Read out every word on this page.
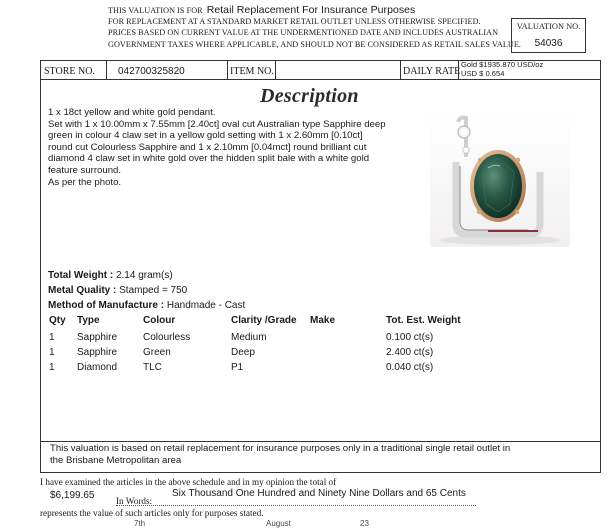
THIS VALUATION IS FOR Retail Replacement For Insurance Purposes
FOR REPLACEMENT AT A STANDARD MARKET RETAIL OUTLET UNLESS OTHERWISE SPECIFIED.
PRICES BASED ON CURRENT VALUE AT THE UNDERMENTIONED DATE AND INCLUDES AUSTRALIAN
GOVERNMENT TAXES WHERE APPLICABLE, AND SHOULD NOT BE CONSIDERED AS RETAIL SALES VALUE.
VALUATION NO.
54036
STORE NO. 042700325820	ITEM NO.	DAILY RATE
Gold $1935.870 USD/oz
USD $ 0.654
Description
1 x 18ct yellow and white gold pendant.
Set with 1 x 10.00mm x 7.55mm [2.40ct] oval cut Australian type Sapphire deep
green in colour 4 claw set in a yellow gold setting with 1 x 2.60mm [0.10ct]
round cut Colourless Sapphire and 1 x 2.10mm [0.04mct] round brilliant cut
diamond 4 claw set in white gold over the hidden split bale with a white gold
feature surround.
As per the photo.
Total Weight : 2.14 gram(s)
Metal Quality : Stamped = 750
Method of Manufacture : Handmade - Cast
Qty Type	Colour	Clarity /Grade Make	Tot. Est. Weight
1 Sapphire	Colourless	Medium	0.100 ct(s)
1 Sapphire	Green	Deep	2.400 ct(s)
1 Diamond	TLC	P1	0.040 ct(s)
This valuation is based on retail replacement for insurance purposes only in a traditional single retail outlet in
the Brisbane Metropolitan area
I have examined the articles in the above schedule and in my opinion the total of
$6,199.65 In Words:
Six Thousand One Hundred and Ninety Nine Dollars and 65 Cents
represents the value of such articles only for purposes stated.
7th	August	23
